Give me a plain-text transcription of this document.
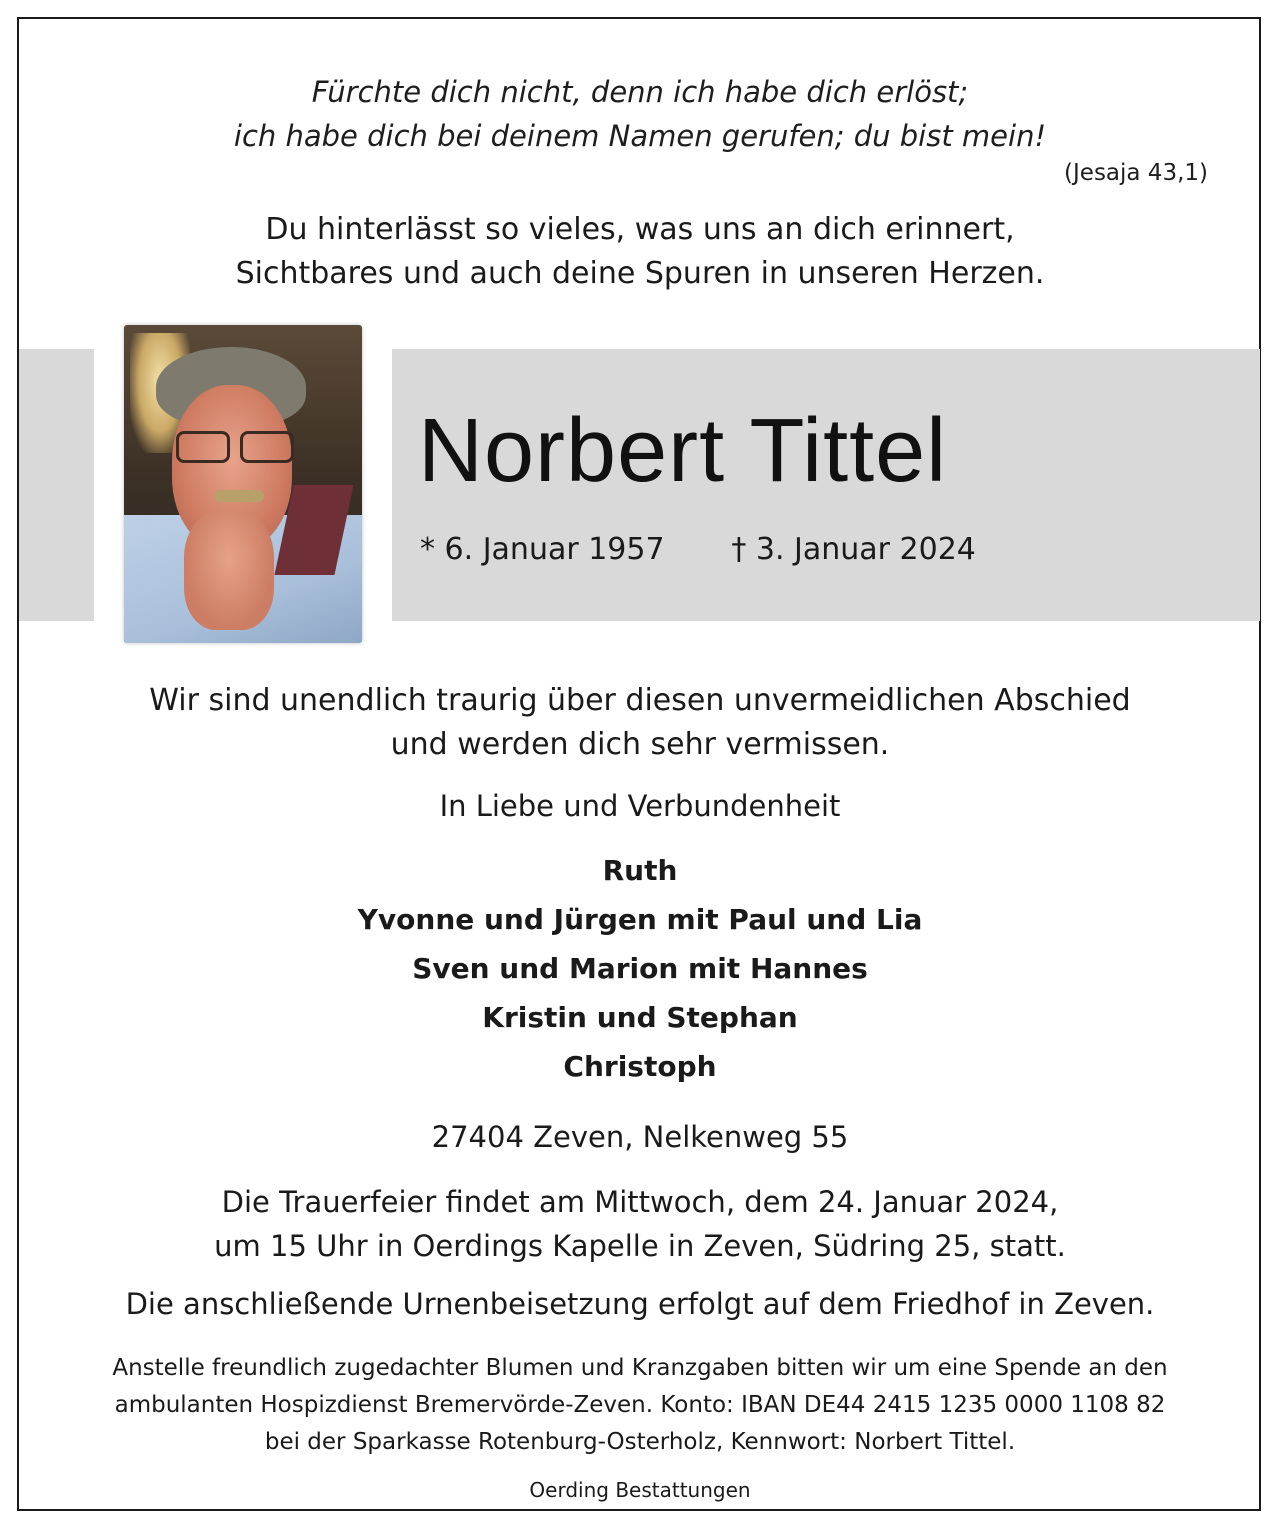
Fürchte dich nicht, denn ich habe dich erlöst;
ich habe dich bei deinem Namen gerufen; du bist mein!
(Jesaja 43,1)
Du hinterlässt so vieles, was uns an dich erinnert,
Sichtbares und auch deine Spuren in unseren Herzen.
Norbert Tittel
* 6. Januar 1957 † 3. Januar 2024
Wir sind unendlich traurig über diesen unvermeidlichen Abschied
und werden dich sehr vermissen.
In Liebe und Verbundenheit
Ruth
Yvonne und Jürgen mit Paul und Lia
Sven und Marion mit Hannes
Kristin und Stephan
Christoph
27404 Zeven, Nelkenweg 55
Die Trauerfeier findet am Mittwoch, dem 24. Januar 2024,
um 15 Uhr in Oerdings Kapelle in Zeven, Südring 25, statt.
Die anschließende Urnenbeisetzung erfolgt auf dem Friedhof in Zeven.
Anstelle freundlich zugedachter Blumen und Kranzgaben bitten wir um eine Spende an den
ambulanten Hospizdienst Bremervörde-Zeven. Konto: IBAN DE44 2415 1235 0000 1108 82
bei der Sparkasse Rotenburg-Osterholz, Kennwort: Norbert Tittel.
Oerding Bestattungen
